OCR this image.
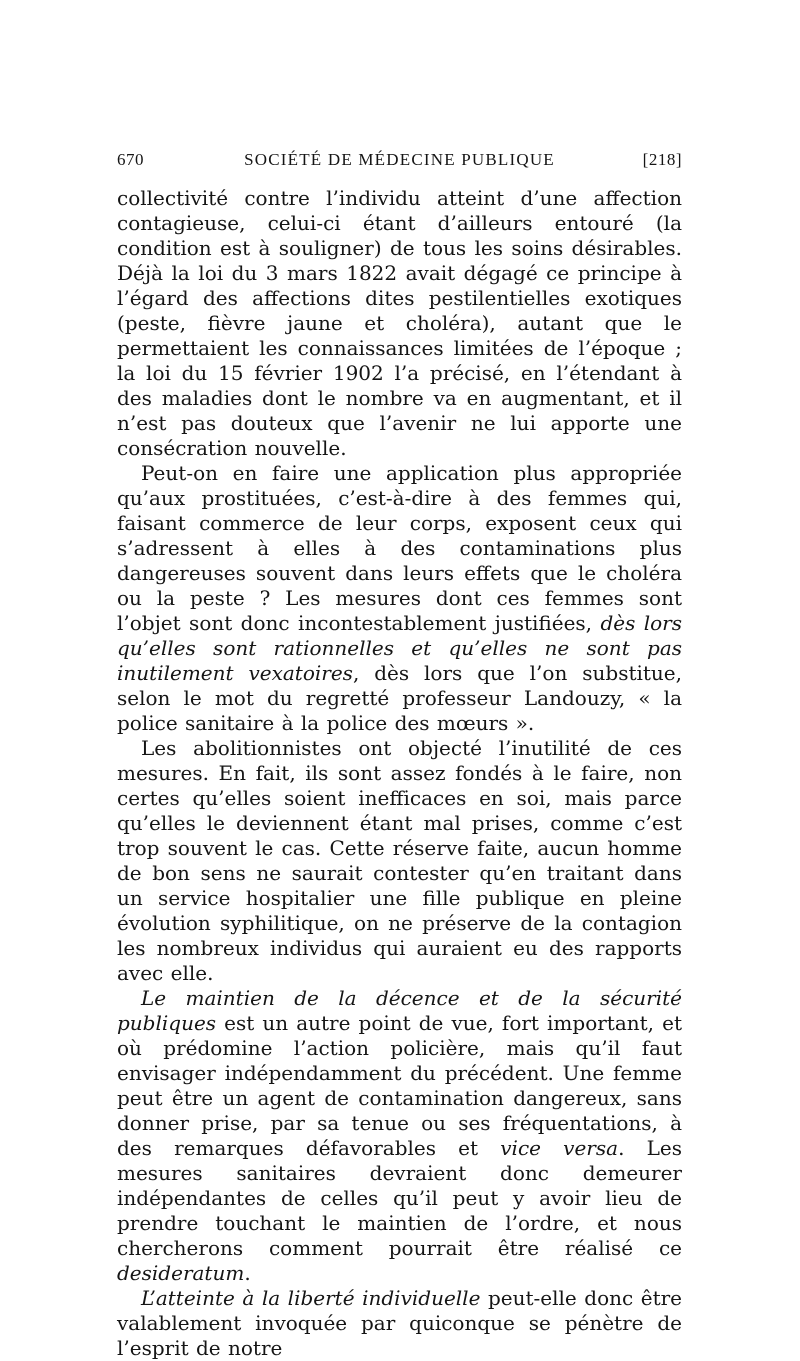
670	SOCIÉTÉ DE MÉDECINE PUBLIQUE	[218]

collectivité contre l’individu atteint d’une affection contagieuse, celui-ci étant d’ailleurs entouré (la condition est à souligner) de tous les soins désirables. Déjà la loi du 3 mars 1822 avait dégagé ce principe à l’égard des affections dites pestilentielles exotiques (peste, fièvre jaune et choléra), autant que le permettaient les connaissances limitées de l’époque ; la loi du 15 février 1902 l’a précisé, en l’étendant à des maladies dont le nombre va en augmentant, et il n’est pas douteux que l’avenir ne lui apporte une consécration nouvelle.

Peut-on en faire une application plus appropriée qu’aux prostituées, c’est-à-dire à des femmes qui, faisant commerce de leur corps, exposent ceux qui s’adressent à elles à des contaminations plus dangereuses souvent dans leurs effets que le choléra ou la peste ? Les mesures dont ces femmes sont l’objet sont donc incontestablement justifiées, dès lors qu’elles sont rationnelles et qu’elles ne sont pas inutilement vexatoires, dès lors que l’on substitue, selon le mot du regretté professeur Landouzy, « la police sanitaire à la police des mœurs ».

Les abolitionnistes ont objecté l’inutilité de ces mesures. En fait, ils sont assez fondés à le faire, non certes qu’elles soient inefficaces en soi, mais parce qu’elles le deviennent étant mal prises, comme c’est trop souvent le cas. Cette réserve faite, aucun homme de bon sens ne saurait contester qu’en traitant dans un service hospitalier une fille publique en pleine évolution syphilitique, on ne préserve de la contagion les nombreux individus qui auraient eu des rapports avec elle.

Le maintien de la décence et de la sécurité publiques est un autre point de vue, fort important, et où prédomine l’action policière, mais qu’il faut envisager indépendamment du précédent. Une femme peut être un agent de contamination dangereux, sans donner prise, par sa tenue ou ses fréquentations, à des remarques défavorables et vice versa. Les mesures sanitaires devraient donc demeurer indépendantes de celles qu’il peut y avoir lieu de prendre touchant le maintien de l’ordre, et nous chercherons comment pourrait être réalisé ce desideratum.

L’atteinte à la liberté individuelle peut-elle donc être valablement invoquée par quiconque se pénètre de l’esprit de notre
